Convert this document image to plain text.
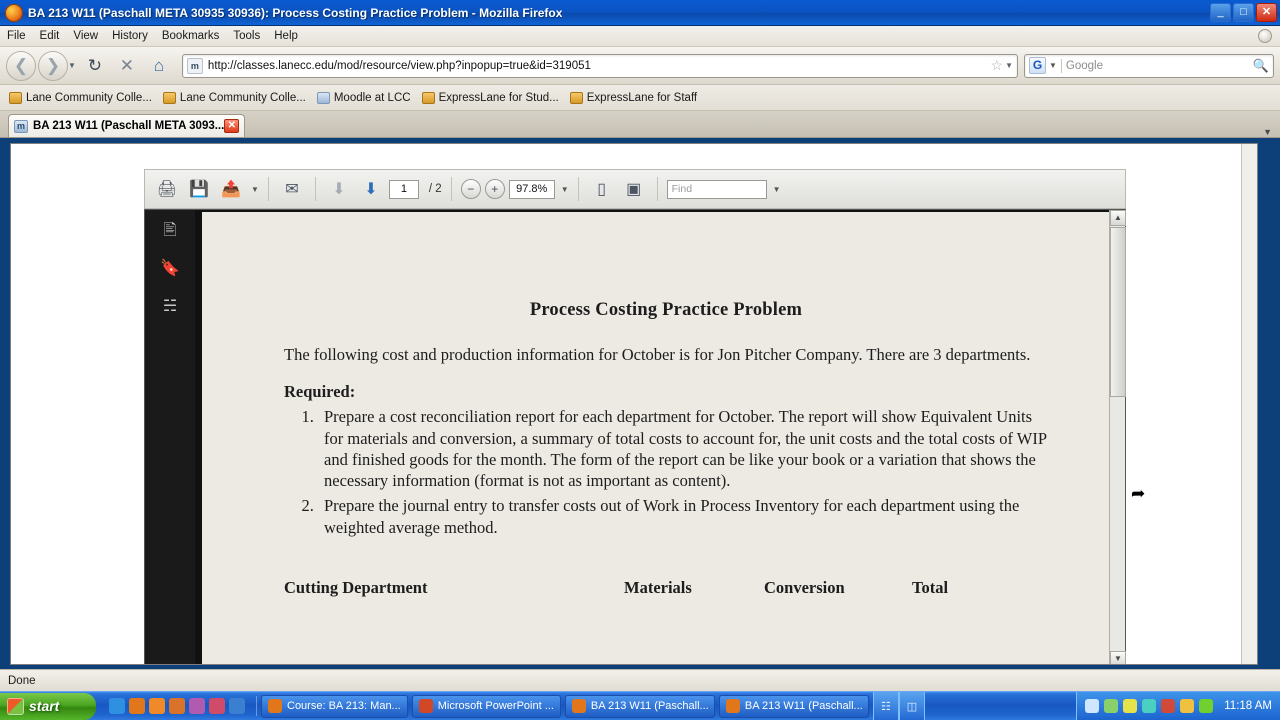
BA 213 W11 (Paschall META 30935 30936): Process Costing Practice Problem - Mozilla Firefox	_	□	✕
File	Edit	View	History	Bookmarks	Tools	Help
❮	❯ ▼ ↻	✕	⌂	m http://classes.lanecc.edu/mod/resource/view.php?inpopup=true&id=319051	☆ ▼	G ▼ Google	🔍
Lane Community Colle... Lane Community Colle... Moodle at LCC ExpressLane for Stud... ExpressLane for Staff
m BA 213 W11 (Paschall META 3093... ✕
▼
🖨 💾 📤	▼	✉	⬇	⬇	1	/ 2	−	+	97.8%	▼	▯	▣	Find	▼
🖹
🔖
☵	Process Costing Practice Problem

The following cost and production information for October is for Jon Pitcher Company. There are 3 departments.

Required:

1. Prepare a cost reconciliation report for each department for October. The report will show Equivalent Units for materials and conversion, a summary of total costs to account for, the unit costs and the total costs of WIP and finished goods for the month. The form of the report can be like your book or a variation that shows the necessary information (format is not as important as content).
2. Prepare the journal entry to transfer costs out of Work in Process Inventory for each department using the weighted average method.
Cutting Department	Materials	Conversion	Total
▲
▼
➦
Done
start	Course: BA 213: Man...	Microsoft PowerPoint ...	BA 213 W11 (Paschall...	BA 213 W11 (Paschall...	☷	◫	11:18 AM
